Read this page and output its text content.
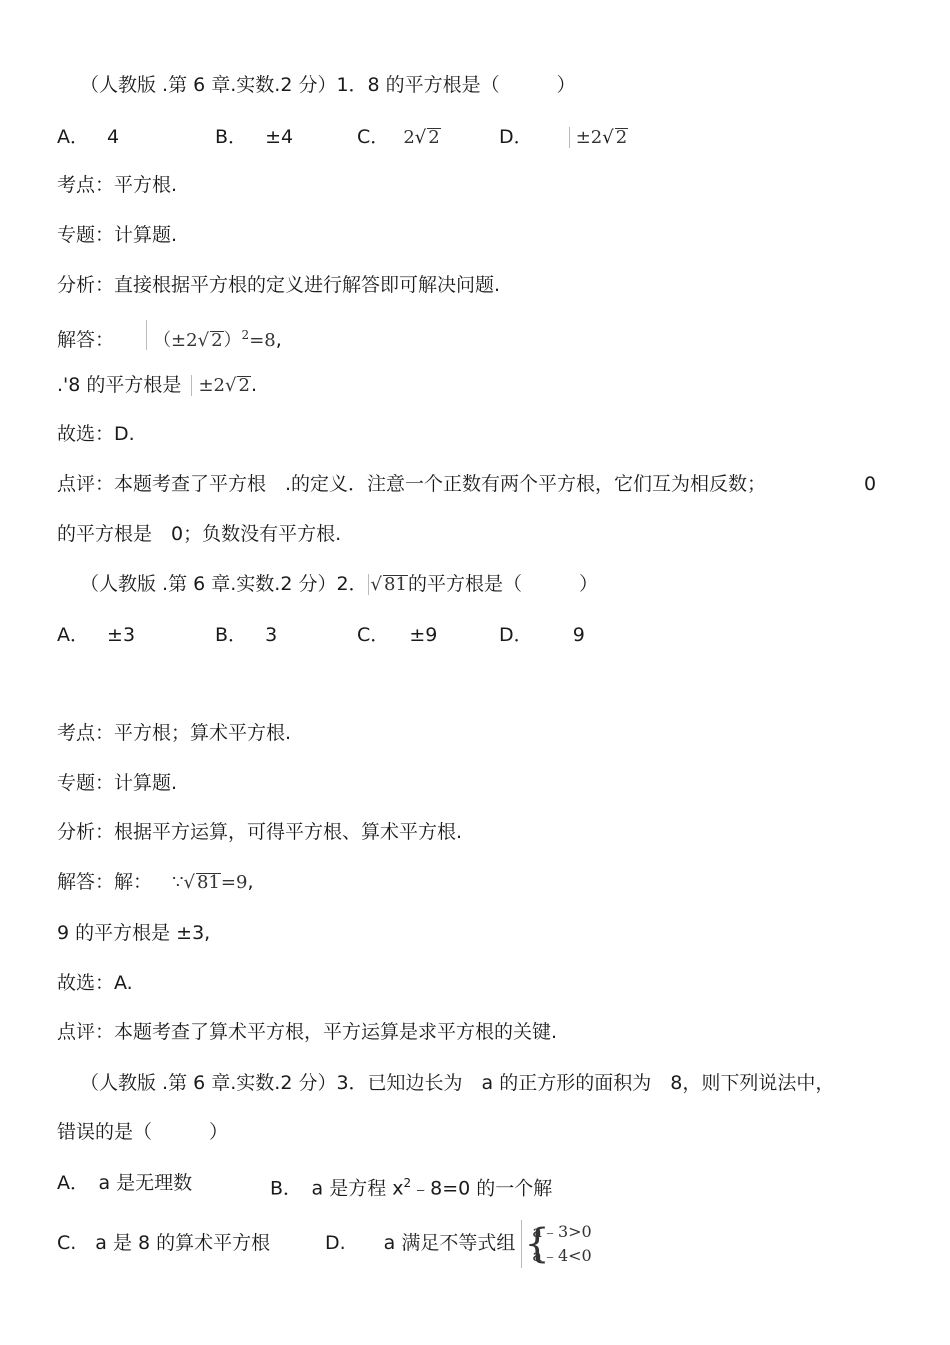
（人教版 .第 6 章.实数.2 分）1．8 的平方根是（　　　）
A． 4	B． ±4	C． 2√ 2	D． ±2√ 2
考点：平方根.
专题：计算题.
分析：直接根据平方根的定义进行解答即可解决问题.
解答： （±2√ 2）$^2$=8,
.'8 的平方根是 ±2√ 2.
故选：D.
点评：本题考查了平方根　.的定义．注意一个正数有两个平方根，它们互为相反数；	0
的平方根是　0；负数没有平方根.
（人教版 .第 6 章.实数.2 分）2． √ 81的平方根是（　　　）
A． ±3	B． 3	C． ±9	D． 9
考点：平方根；算术平方根.
专题：计算题.
分析：根据平方运算，可得平方根、算术平方根.
解答：解： ∵√ 81=9,
9 的平方根是 ±3,
故选：A.
点评：本题考查了算术平方根，平方运算是求平方根的关键.
（人教版 .第 6 章.实数.2 分）3．已知边长为　a 的正方形的面积为　8，则下列说法中，
错误的是（　　　）
A．　a 是无理数	B．　a 是方程 $x^2﹣8=0$ 的一个解
C.　a 是 8 的算术平方根	D.　　a 满足不等式组 {
a﹣3>0
a﹣4<0
